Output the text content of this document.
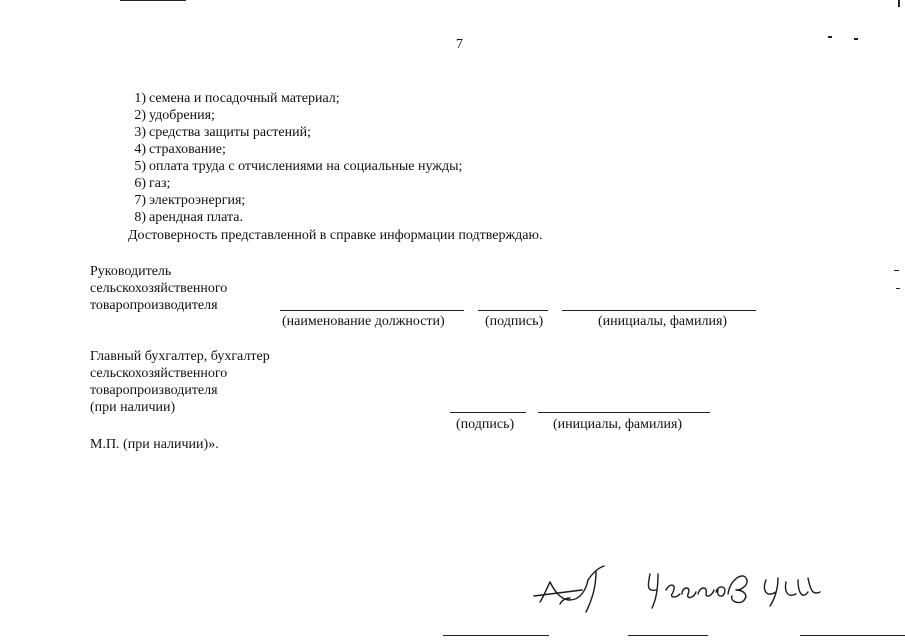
7
1) семена и посадочный материал;
2) удобрения;
3) средства защиты растений;
4) страхование;
5) оплата труда с отчислениями на социальные нужды;
6) газ;
7) электроэнергия;
8) арендная плата.
Достоверность представленной в справке информации подтверждаю.
Руководитель
сельскохозяйственного
товаропроизводителя
(наименование должности)	(подпись)	(инициалы, фамилия)
Главный бухгалтер, бухгалтер
сельскохозяйственного
товаропроизводителя
(при наличии)
(подпись)	(инициалы, фамилия)
М.П. (при наличии)».
